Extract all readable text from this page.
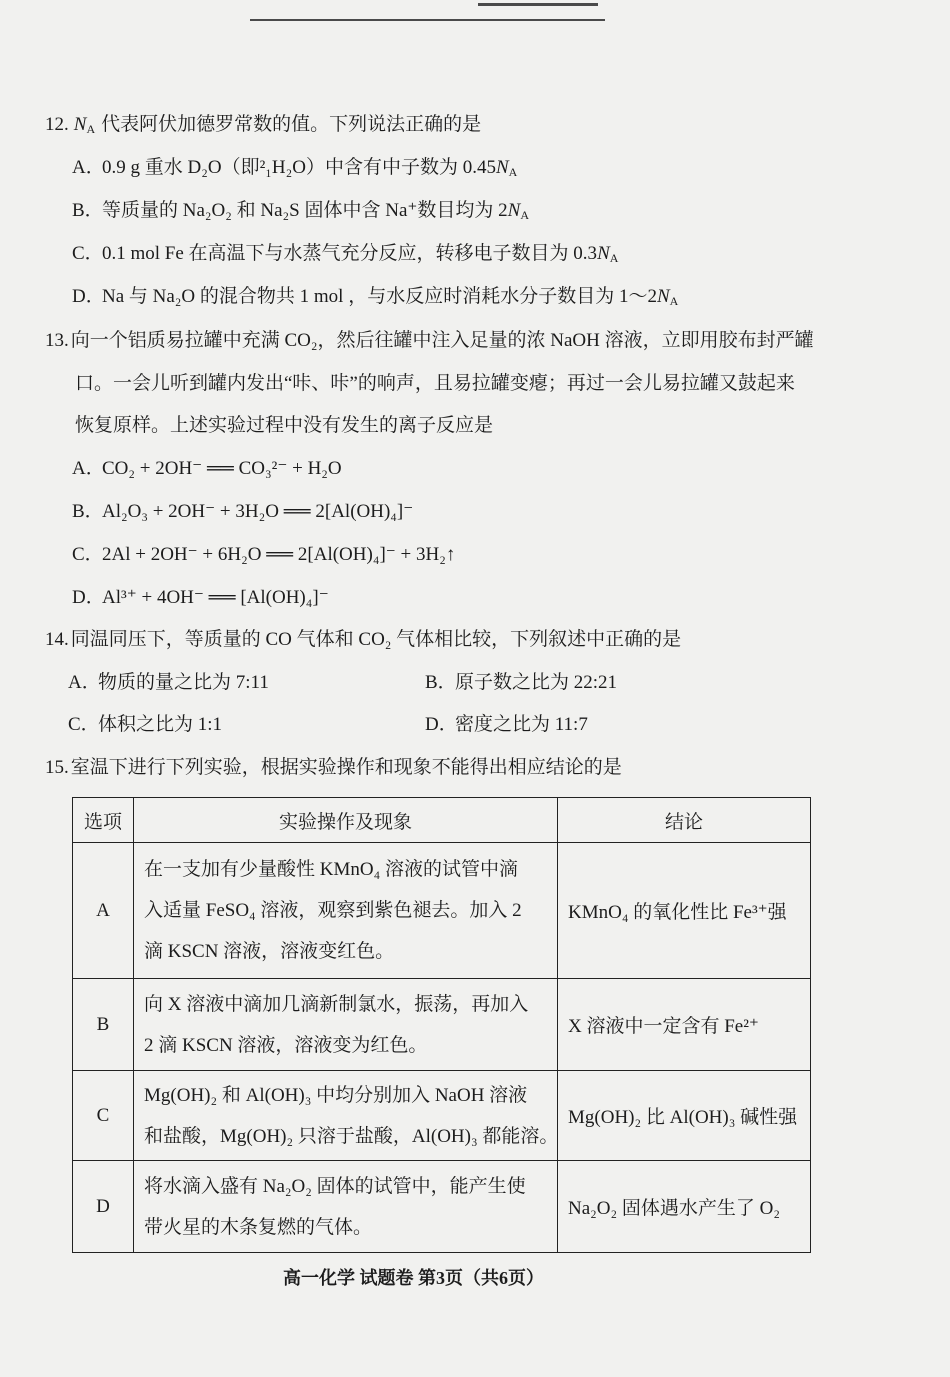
12. $N_A$ 代表阿伏加德罗常数的值。下列说法正确的是
A．0.9 g 重水 D₂O（即²₁H₂O）中含有中子数为 $0.45N_A$
B．等质量的 Na₂O₂ 和 Na₂S 固体中含 Na⁺数目均为 $2N_A$
C．0.1 mol Fe 在高温下与水蒸气充分反应，转移电子数目为 $0.3N_A$
D．Na 与 Na₂O 的混合物共 1 mol ，与水反应时消耗水分子数目为 $1\sim 2N_A$
13. 向一个铝质易拉罐中充满 CO₂，然后往罐中注入足量的浓 NaOH 溶液，立即用胶布封严罐
口。一会儿听到罐内发出“咔、咔”的响声，且易拉罐变瘪；再过一会儿易拉罐又鼓起来
恢复原样。上述实验过程中没有发生的离子反应是
A．CO₂ + 2OH⁻ ══ CO₃²⁻ + H₂O
B．Al₂O₃ + 2OH⁻ + 3H₂O ══ 2[Al(OH)₄]⁻
C．2Al + 2OH⁻ + 6H₂O ══ 2[Al(OH)₄]⁻ + 3H₂↑
D．Al³⁺ + 4OH⁻ ══ [Al(OH)₄]⁻
14. 同温同压下，等质量的 CO 气体和 CO₂ 气体相比较，下列叙述中正确的是
A．物质的量之比为 7:11	B．原子数之比为 22:21
C．体积之比为 1:1	D．密度之比为 11:7
15. 室温下进行下列实验，根据实验操作和现象不能得出相应结论的是
选项	实验操作及现象	结论
A	在一支加有少量酸性 KMnO₄ 溶液的试管中滴
入适量 FeSO₄ 溶液，观察到紫色褪去。加入 2
滴 KSCN 溶液，溶液变红色。	KMnO₄ 的氧化性比 Fe³⁺强
B	向 X 溶液中滴加几滴新制氯水，振荡，再加入
2 滴 KSCN 溶液，溶液变为红色。	X 溶液中一定含有 Fe²⁺
C	Mg(OH)₂ 和 Al(OH)₃ 中均分别加入 NaOH 溶液
和盐酸，Mg(OH)₂ 只溶于盐酸，Al(OH)₃ 都能溶。	Mg(OH)₂ 比 Al(OH)₃ 碱性强
D	将水滴入盛有 Na₂O₂ 固体的试管中，能产生使
带火星的木条复燃的气体。	Na₂O₂ 固体遇水产生了 O₂
高一化学 试题卷 第3页（共6页）
